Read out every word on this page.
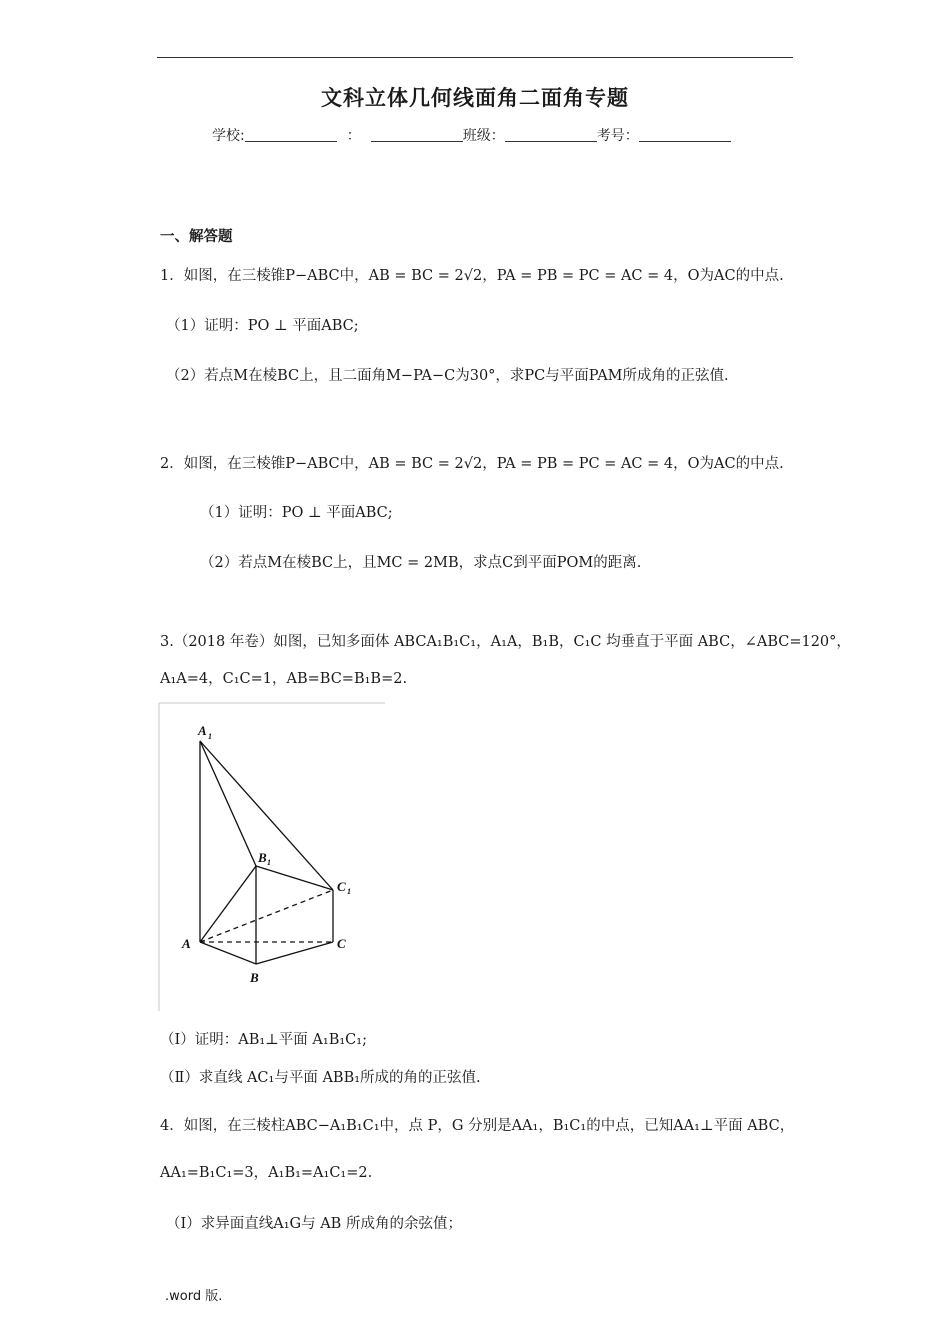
文科立体几何线面角二面角专题
学校:	：	班级：	考号：
一、解答题
1．如图，在三棱锥P−ABC中，AB = BC = 2√2，PA = PB = PC = AC = 4，O为AC的中点.
（1）证明：PO ⊥ 平面ABC;
（2）若点M在棱BC上，且二面角M−PA−C为30°，求PC与平面PAM所成角的正弦值.
2．如图，在三棱锥P−ABC中，AB = BC = 2√2，PA = PB = PC = AC = 4，O为AC的中点.
（1）证明：PO ⊥ 平面ABC;
（2）若点M在棱BC上，且MC = 2MB，求点C到平面POM的距离.
3.（2018 年卷）如图，已知多面体 ABCA₁B₁C₁，A₁A，B₁B，C₁C 均垂直于平面 ABC，∠ABC=120°，
A₁A=4，C₁C=1，AB=BC=B₁B=2.
A 1
B 1
C 1
A
B
C
（Ⅰ）证明：AB₁⊥平面 A₁B₁C₁;
（Ⅱ）求直线 AC₁与平面 ABB₁所成的角的正弦值.
4．如图，在三棱柱ABC−A₁B₁C₁中，点 P，G 分别是AA₁，B₁C₁的中点，已知AA₁⊥平面 ABC，
AA₁=B₁C₁=3，A₁B₁=A₁C₁=2.
（I）求异面直线A₁G与 AB 所成角的余弦值；
.word 版.
